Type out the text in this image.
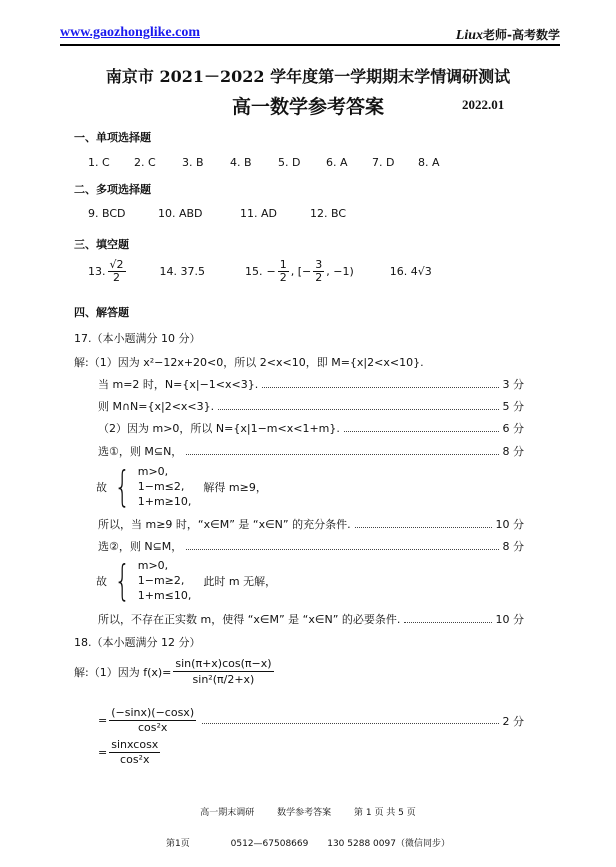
www.gaozhonglike.com	Liux老师-高考数学
南京市 2021－2022 学年度第一学期期末学情调研测试
高一数学参考答案	2022.01
一、单项选择题
1. C 2. C 3. B 4. B 5. D 6. A 7. D 8. A
二、多项选择题
9. BCD	10. ABD	11. AD	12. BC
三、填空题
13. $\frac{√2}{2}$	14. 37.5	15. − $\frac{1}{2}$ , [− $\frac{3}{2}$ , −1)	16. 4√3
四、解答题
17.（本小题满分 10 分）
解:（1）因为 x²−12x+20<0，所以 2<x<10，即 M={x|2<x<10}.
当 m=2 时，N={x|−1<x<3}.	3 分
则 M∩N={x|2<x<3}.	5 分
（2）因为 m>0，所以 N={x|1−m<x<1+m}.	6 分
选①，则 M⊆N，	8 分
故 { m>0,
1−m≤2,
1+m≥10,
解得 m≥9，
所以，当 m≥9 时，“x∈M” 是 “x∈N” 的充分条件.	10 分
选②，则 N⊆M，	8 分
故 { m>0,
1−m≥2,
1+m≤10,
此时 m 无解，
所以，不存在正实数 m，使得 “x∈M” 是 “x∈N” 的必要条件.	10 分
18.（本小题满分 12 分）
解:（1）因为 $f(x)= \frac{\sin(\pi+x)\cos(\pi-x)}{\text{sin²(π/2+x)}}$
= $\frac{(-\sin x)(-\cos x)}{\text{cos²x}}$	2 分
= $\frac{\text{sinxcosx}}{\text{cos²x}}$
高一期末调研	数学参考答案	第 1 页 共 5 页
第1页	0512—67508669 130 5288 0097（微信同步）
